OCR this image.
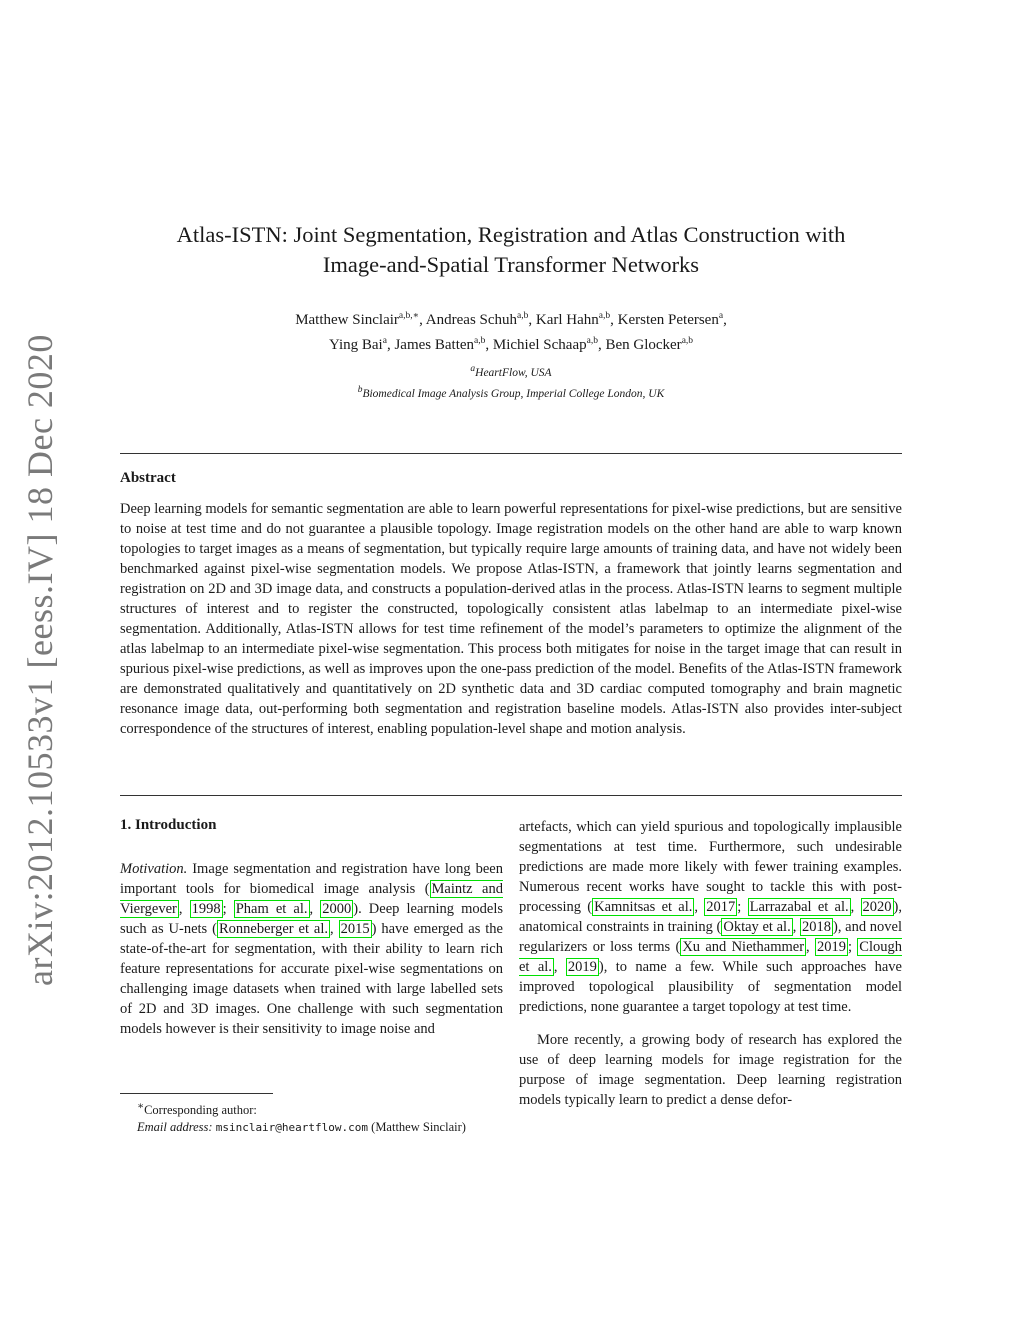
arXiv:2012.10533v1 [eess.IV] 18 Dec 2020
Atlas-ISTN: Joint Segmentation, Registration and Atlas Construction with
Image-and-Spatial Transformer Networks
Matthew Sinclair$^{a,b,∗}$, Andreas Schuh$^{a,b}$, Karl Hahn$^{a,b}$, Kersten Petersen$^a$,
Ying Bai$^a$, James Batten$^{a,b}$, Michiel Schaap$^{a,b}$, Ben Glocker$^{a,b}$
$^a$HeartFlow, USA
$^b$Biomedical Image Analysis Group, Imperial College London, UK
Abstract
Deep learning models for semantic segmentation are able to learn powerful representations for pixel-wise predictions, but are sensitive to noise at test time and do not guarantee a plausible topology. Image registration models on the other hand are able to warp known topologies to target images as a means of segmentation, but typically require large amounts of training data, and have not widely been benchmarked against pixel-wise segmentation models. We propose Atlas-ISTN, a framework that jointly learns segmentation and registration on 2D and 3D image data, and constructs a population-derived atlas in the process. Atlas-ISTN learns to segment multiple structures of interest and to register the constructed, topologically consistent atlas labelmap to an intermediate pixel-wise segmentation. Additionally, Atlas-ISTN allows for test time refinement of the model’s parameters to optimize the alignment of the atlas labelmap to an intermediate pixel-wise segmentation. This process both mitigates for noise in the target image that can result in spurious pixel-wise predictions, as well as improves upon the one-pass prediction of the model. Benefits of the Atlas-ISTN framework are demonstrated qualitatively and quantitatively on 2D synthetic data and 3D cardiac computed tomography and brain magnetic resonance image data, out-performing both segmentation and registration baseline models. Atlas-ISTN also provides inter-subject correspondence of the structures of interest, enabling population-level shape and motion analysis.
1. Introduction

Motivation. Image segmentation and registration have long been important tools for biomedical image analysis ( Maintz and Viergever , 1998 ; Pham et al. , 2000 ). Deep learning models such as U-nets ( Ronneberger et al. , 2015 ) have emerged as the state-of-the-art for segmentation, with their ability to learn rich feature representations for accurate pixel-wise segmentations on challenging image datasets when trained with large labelled sets of 2D and 3D images. One challenge with such segmentation models however is their sensitivity to image noise and

artefacts, which can yield spurious and topologically implausible segmentations at test time. Furthermore, such undesirable predictions are made more likely with fewer training examples. Numerous recent works have sought to tackle this with post-processing ( Kamnitsas et al. , 2017 ; Larrazabal et al. , 2020 ), anatomical constraints in training ( Oktay et al. , 2018 ), and novel regularizers or loss terms ( Xu and Niethammer , 2019 ; Clough et al. , 2019 ), to name a few. While such approaches have improved topological plausibility of segmentation model predictions, none guarantee a target topology at test time.

More recently, a growing body of research has explored the use of deep learning models for image registration for the purpose of image segmentation. Deep learning registration models typically learn to predict a dense defor-

∗Corresponding author:
Email address: msinclair@heartflow.com (Matthew Sinclair)
